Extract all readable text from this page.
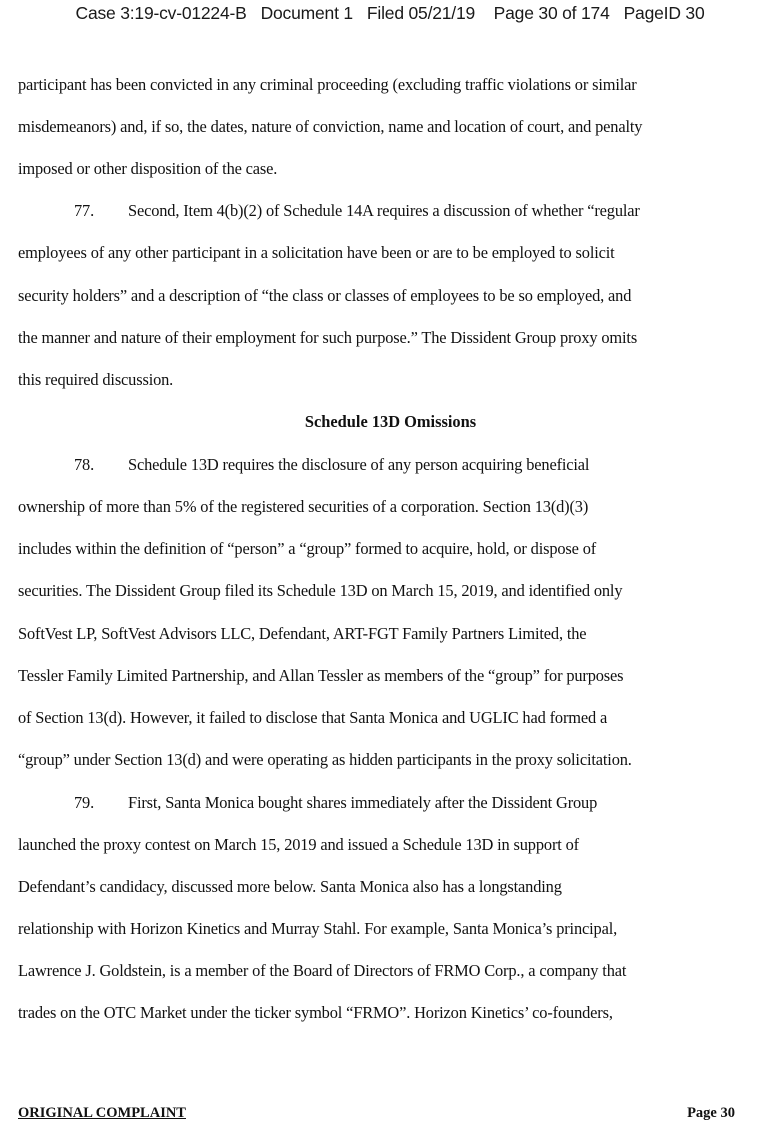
Case 3:19-cv-01224-B   Document 1   Filed 05/21/19    Page 30 of 174   PageID 30
participant has been convicted in any criminal proceeding (excluding traffic violations or similar
misdemeanors) and, if so, the dates, nature of conviction, name and location of court, and penalty
imposed or other disposition of the case.
77. Second, Item 4(b)(2) of Schedule 14A requires a discussion of whether “regular
employees of any other participant in a solicitation have been or are to be employed to solicit
security holders” and a description of “the class or classes of employees to be so employed, and
the manner and nature of their employment for such purpose.” The Dissident Group proxy omits
this required discussion.
Schedule 13D Omissions
78. Schedule 13D requires the disclosure of any person acquiring beneficial
ownership of more than 5% of the registered securities of a corporation. Section 13(d)(3)
includes within the definition of “person” a “group” formed to acquire, hold, or dispose of
securities. The Dissident Group filed its Schedule 13D on March 15, 2019, and identified only
SoftVest LP, SoftVest Advisors LLC, Defendant, ART-FGT Family Partners Limited, the
Tessler Family Limited Partnership, and Allan Tessler as members of the “group” for purposes
of Section 13(d). However, it failed to disclose that Santa Monica and UGLIC had formed a
“group” under Section 13(d) and were operating as hidden participants in the proxy solicitation.
79. First, Santa Monica bought shares immediately after the Dissident Group
launched the proxy contest on March 15, 2019 and issued a Schedule 13D in support of
Defendant’s candidacy, discussed more below. Santa Monica also has a longstanding
relationship with Horizon Kinetics and Murray Stahl. For example, Santa Monica’s principal,
Lawrence J. Goldstein, is a member of the Board of Directors of FRMO Corp., a company that
trades on the OTC Market under the ticker symbol “FRMO”. Horizon Kinetics’ co-founders,
ORIGINAL COMPLAINT	Page 30
